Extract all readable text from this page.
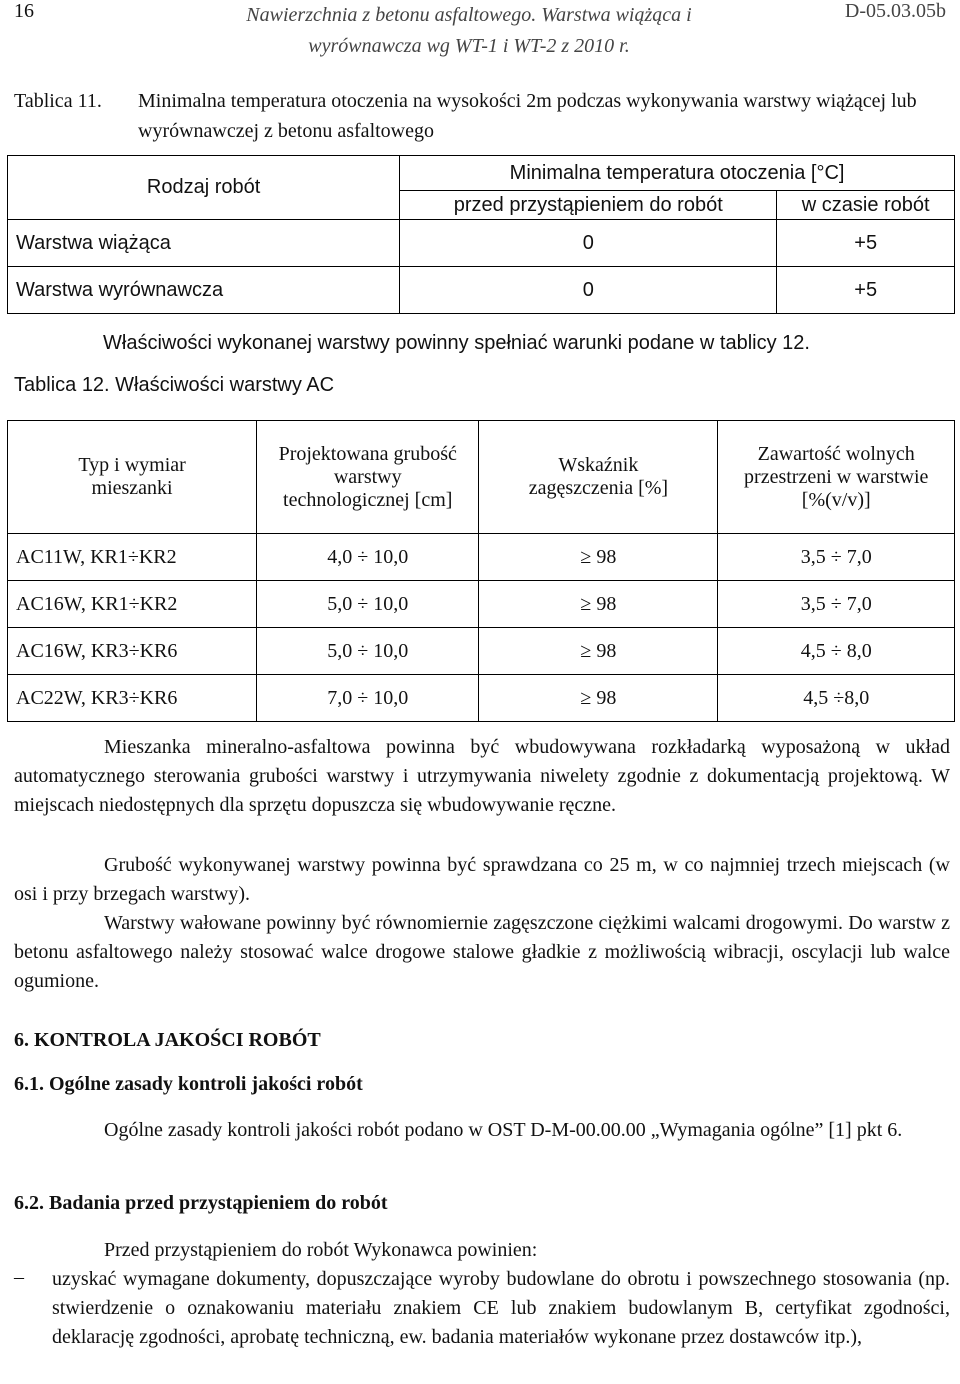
16	Nawierzchnia z betonu asfaltowego. Warstwa wiążąca i
wyrównawcza wg WT-1 i WT-2 z 2010 r.
D-05.03.05b
Tablica 11. Minimalna temperatura otoczenia na wysokości 2m podczas wykonywania warstwy wiążącej lub wyrównawczej z betonu asfaltowego
Rodzaj robót	Minimalna temperatura otoczenia [°C]	
	przed przystąpieniem do robót	w czasie robót
Warstwa wiążąca	0	+5
Warstwa wyrównawcza	0	+5
Właściwości wykonanej warstwy powinny spełniać warunki podane w tablicy 12.
Tablica 12. Właściwości warstwy AC
Typ i wymiar mieszanki	Projektowana grubość warstwy technologicznej [cm]	Wskaźnik zagęszczenia [%]	Zawartość wolnych przestrzeni w warstwie [%(v/v)]

AC11W, KR1÷KR2	4,0 ÷ 10,0	≥ 98	3,5 ÷ 7,0
AC16W, KR1÷KR2	5,0 ÷ 10,0	≥ 98	3,5 ÷ 7,0
AC16W, KR3÷KR6	5,0 ÷ 10,0	≥ 98	4,5 ÷ 8,0
AC22W, KR3÷KR6	7,0 ÷ 10,0	≥ 98	4,5 ÷8,0
Mieszanka mineralno-asfaltowa powinna być wbudowywana rozkładarką wyposażoną w układ automatycznego sterowania grubości warstwy i utrzymywania niwelety zgodnie z dokumentacją projektową. W miejscach niedostępnych dla sprzętu dopuszcza się wbudowywanie ręczne.
Grubość wykonywanej warstwy powinna być sprawdzana co 25 m, w co najmniej trzech miejscach (w osi i przy brzegach warstwy).
Warstwy wałowane powinny być równomiernie zagęszczone ciężkimi walcami drogowymi. Do warstw z betonu asfaltowego należy stosować walce drogowe stalowe gładkie z możliwością wibracji, oscylacji lub walce ogumione.
6. KONTROLA JAKOŚCI ROBÓT
6.1. Ogólne zasady kontroli jakości robót
Ogólne zasady kontroli jakości robót podano w OST D-M-00.00.00 „Wymagania ogólne” [1] pkt 6.
6.2. Badania przed przystąpieniem do robót
Przed przystąpieniem do robót Wykonawca powinien:
– uzyskać wymagane dokumenty, dopuszczające wyroby budowlane do obrotu i powszechnego stosowania (np. stwierdzenie o oznakowaniu materiału znakiem CE lub znakiem budowlanym B, certyfikat zgodności, deklarację zgodności, aprobatę techniczną, ew. badania materiałów wykonane przez dostawców itp.),
